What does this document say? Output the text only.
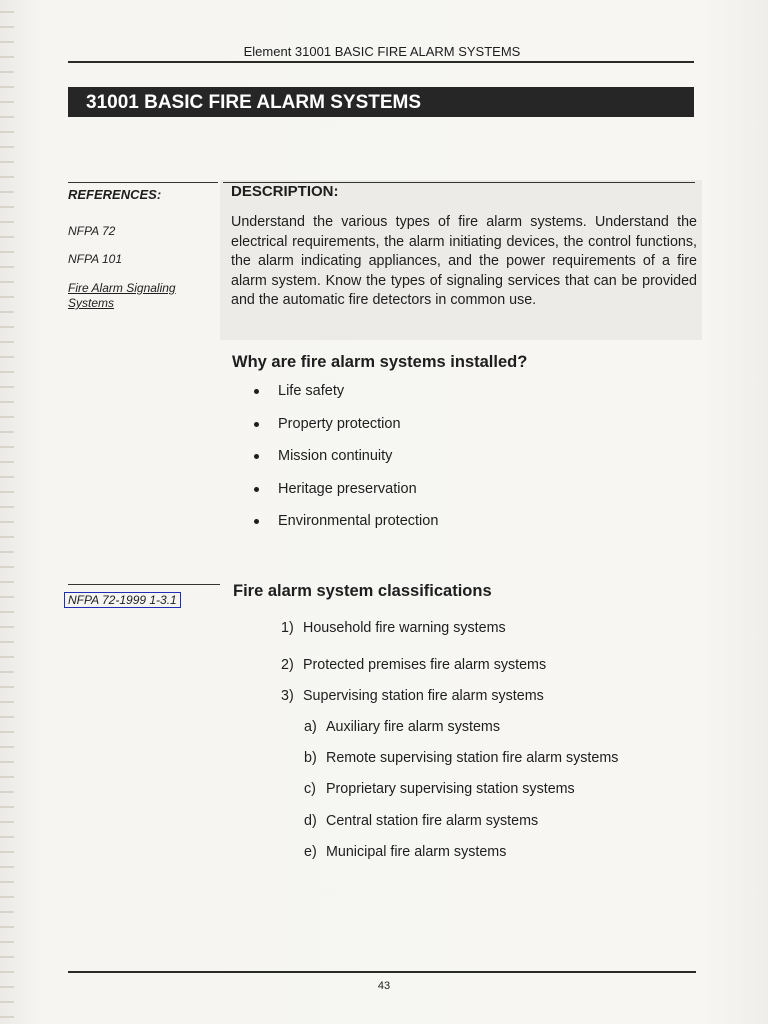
Element 31001 BASIC FIRE ALARM SYSTEMS
31001 BASIC FIRE ALARM SYSTEMS
REFERENCES:
NFPA 72
NFPA 101
Fire Alarm Signaling Systems
DESCRIPTION:

Understand the various types of fire alarm systems. Understand the electrical requirements, the alarm initiating devices, the control functions, the alarm indicating appliances, and the power requirements of a fire alarm system. Know the types of signaling services that can be provided and the automatic fire detectors in common use.

Why are fire alarm systems installed?
Life safety
Property protection
Mission continuity
Heritage preservation
Environmental protection
NFPA 72-1999 1-3.1	Fire alarm system classifications
1) Household fire warning systems
2) Protected premises fire alarm systems
3) Supervising station fire alarm systems
a) Auxiliary fire alarm systems
b) Remote supervising station fire alarm systems
c) Proprietary supervising station systems
d) Central station fire alarm systems
e) Municipal fire alarm systems
43
